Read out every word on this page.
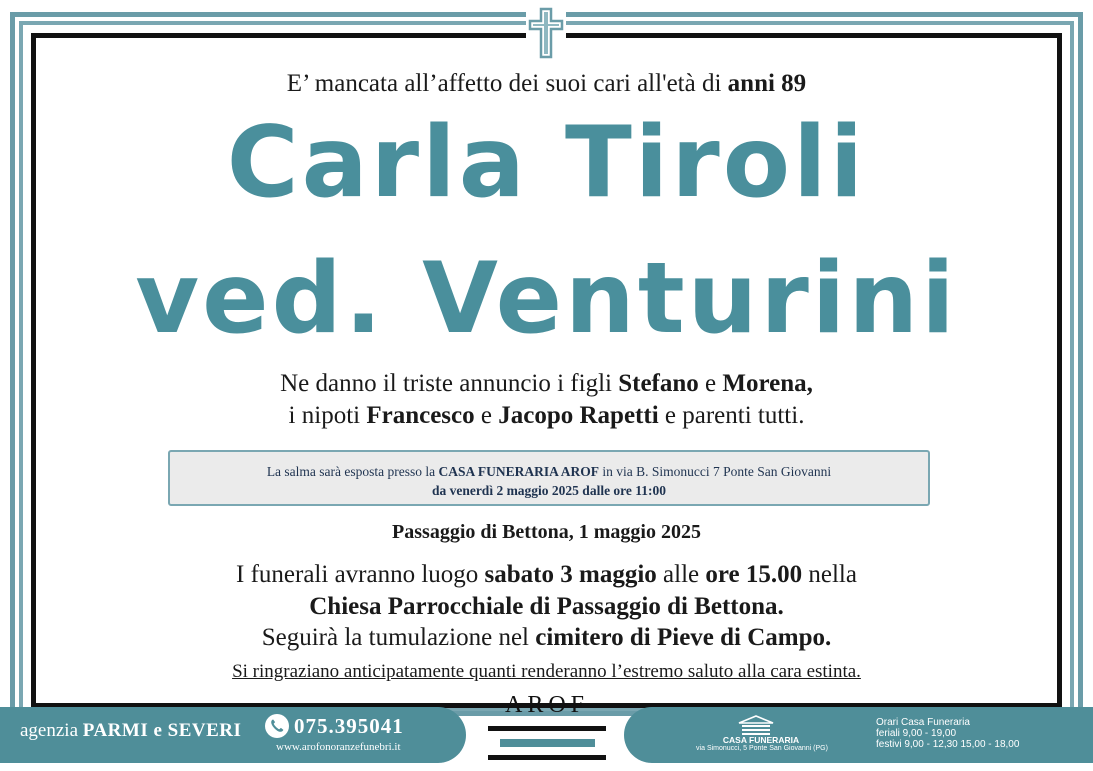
E’ mancata all’affetto dei suoi cari all'età di anni 89
Carla Tiroli
ved. Venturini
Ne danno il triste annuncio i figli Stefano e Morena,
i nipoti Francesco e Jacopo Rapetti e parenti tutti.
La salma sarà esposta presso la CASA FUNERARIA AROF in via B. Simonucci 7 Ponte San Giovanni
da venerdì 2 maggio 2025 dalle ore 11:00
Passaggio di Bettona, 1 maggio 2025
I funerali avranno luogo sabato 3 maggio alle ore 15.00 nella
Chiesa Parrocchiale di Passaggio di Bettona.
Seguirà la tumulazione nel cimitero di Pieve di Campo.
Si ringraziano anticipatamente quanti renderanno l’estremo saluto alla cara estinta.
agenzia PARMI e SEVERI	075.395041
www.arofonoranzefunebri.it
AROF
CASA FUNERARIA
via Simonucci, 5 Ponte San Giovanni (PG)
Orari Casa Funeraria
feriali 9,00 - 19,00
festivi 9,00 - 12,30 15,00 - 18,00
